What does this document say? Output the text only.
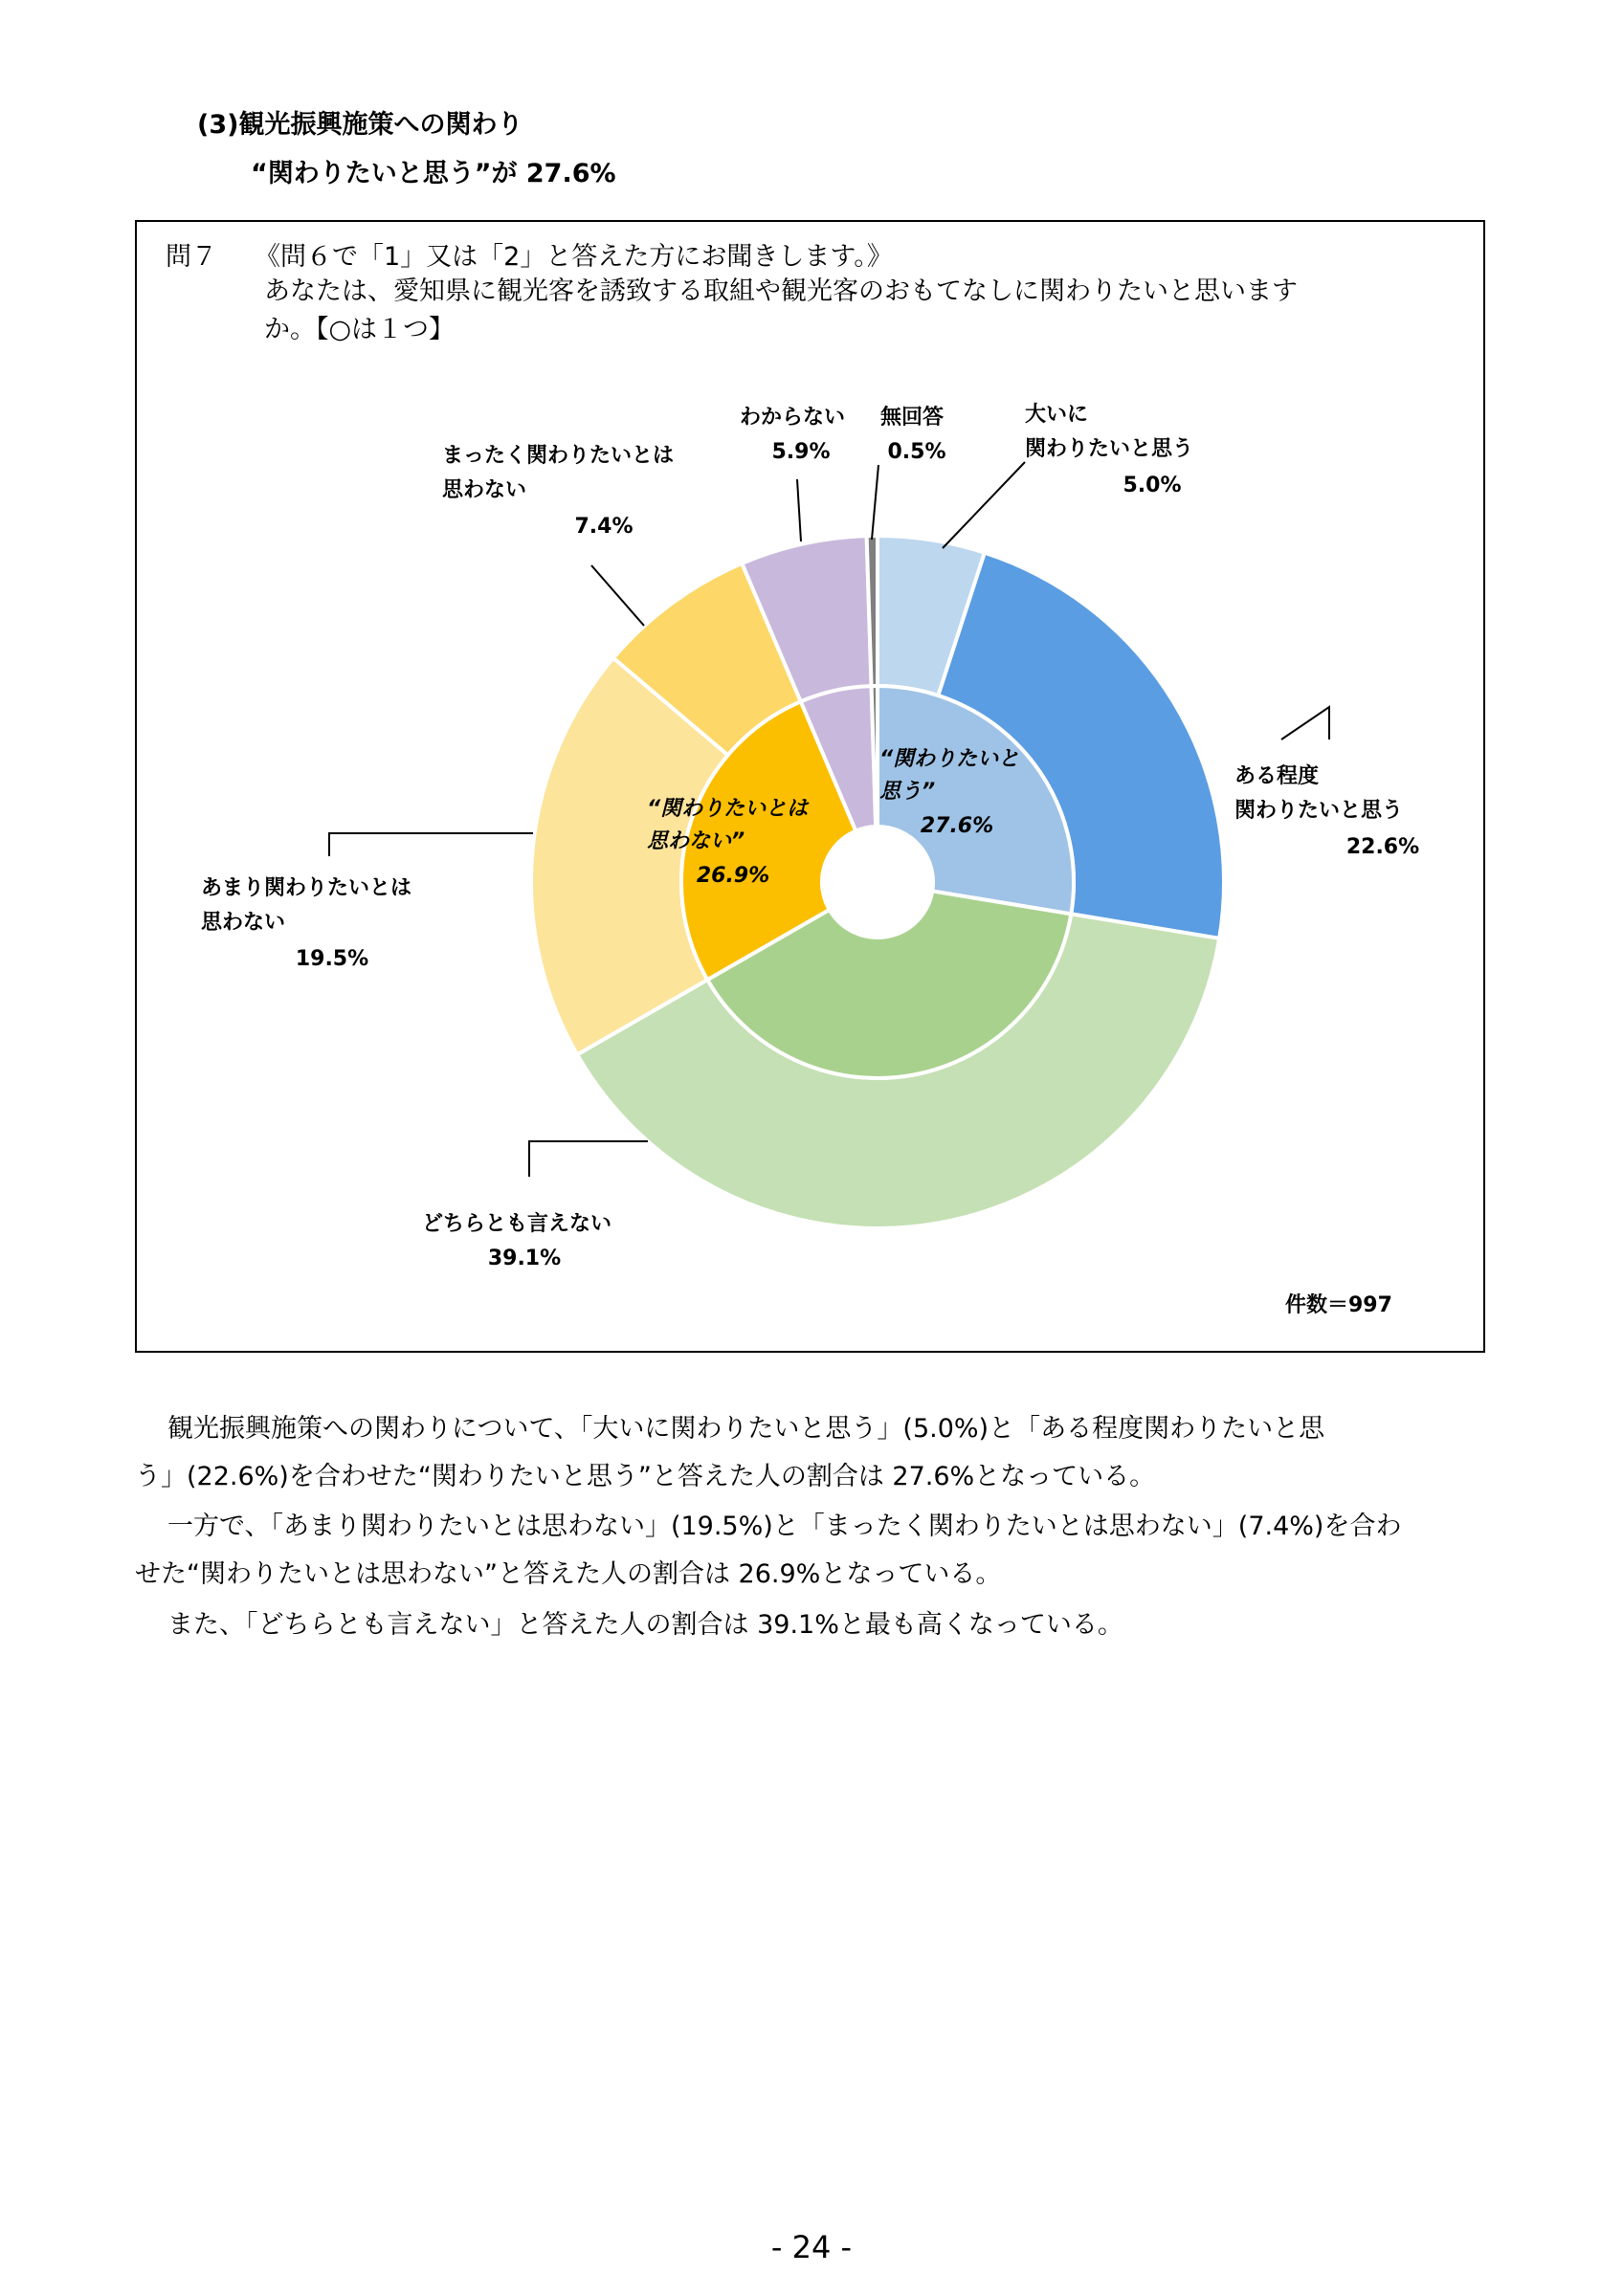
(3)観光振興施策への関わり
“関わりたいと思う”が 27.6%
問７ 《問６で「1」又は「2」と答えた方にお聞きします。》
あなたは、愛知県に観光客を誘致する取組や観光客のおもてなしに関わりたいと思います
か。【○は１つ】
大いに関わりたいと思う
5.0%
ある程度関わりたいと思う
22.6%
どちらとも言えない
39.1%
あまり関わりたいとは思わない
19.5%
まったく関わりたいとは思わない
7.4%
わからない
5.9%
無回答
0.5%
“関わりたいと思う”
27.6%
“関わりたいとは思わない”
26.9%
件数＝997
観光振興施策への関わりについて、「大いに関わりたいと思う」(5.0%)と「ある程度関わりたいと思
う」(22.6%)を合わせた“関わりたいと思う”と答えた人の割合は 27.6%となっている。
一方で、「あまり関わりたいとは思わない」(19.5%)と「まったく関わりたいとは思わない」(7.4%)を合わ
せた“関わりたいとは思わない”と答えた人の割合は 26.9%となっている。
また、「どちらとも言えない」と答えた人の割合は 39.1%と最も高くなっている。
- 24 -
